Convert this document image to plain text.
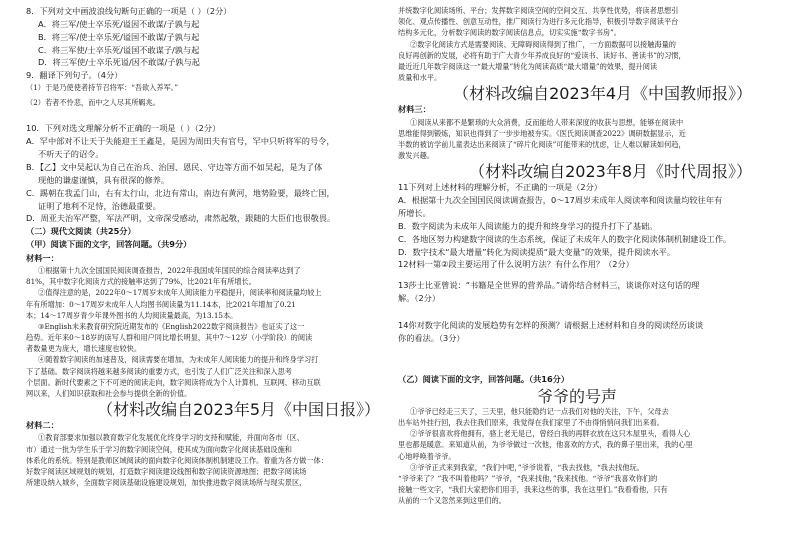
8．下列对文中画波浪线句断句正确的一项是（ ）（2分）
A．将三军/使士卒乐死/谥因不敢谋/子孰与起
B．将三军/使士卒乐死/谥国不敢谋/子孰与起
C．将三军使/士卒乐死/谥国不敢谋子/孰与起
D．将三军使/士卒乐死谥/因不敢谋/子孰与起
9．翻译下列句子。（4分）
（1）于是乃使使者持节召将军：“吾欲入养军。”
（2）若者不怜悲，而中之人尽其所羁兆。
10．下列对选文理解分析不正确的一项是（ ）（2分）
A．罕中部对不让天于失能迎王王鑫是，是因为周田夫有官号，罕中只听将军的号令，
不听天子的诏令。
B．【乙】文中吴起认为自己在治兵、治国、恩民、守边等方面不如吴起，是为了体
现他的谦虚谨慎，具有很深的修养。
C．踢朝在我孟门山，右有太行山，北边有常山，南边有黄河，地势险要，最终亡国，
证明了地利不足恃，治德最重要。
D．周亚夫治军严整，军法严明，文帝深受感动，肃然起敬，跟随的大臣们也很敬畏。
（二）现代文阅读（共25分）
（甲）阅读下面的文字，回答问题。（共9分）
材料一：
①根据第十九次全国国民阅读调查报告，2022年我国成年国民的综合阅读率达到了
81%，其中数字化阅读方式的接触率达到了79%，比2021年有所增长。
②值得注意的是，2022年0～17周岁未成年人阅读能力平稳提升，阅读率和阅读量均较上
年有所增加：0～17周岁未成年人人均图书阅读量为11.14本，比2021年增加了0.21
本；14～17周岁青少年课外图书的人均阅读量最高，为13.15本。
③English未来教育研究院近期发布的《English2022数字阅读报告》也证实了这一
趋势。近年来0～18岁的读写人群和用户同比增长明显，其中7～12岁（小学阶段）的阅读
者数量更为庞大，增长速度也较快。
④随着数字阅读的加速普及，阅读需要在增加，为未成年人阅读能力的提升和终身学习打
下了基础。数字阅读将越来越多阅读的重要方式，也引发了人们广泛关注和深入思考
个层面。新时代要素之下不可逆的阅读走向，数字阅读将成为个人计算机、互联网、移动互联
网以来，人们知识获取和社会参与提供全新的价值。
（材料改编自2023年5月《中国日报》）
材料二：
①教育部要求加强以教育数字化发展优化终身学习的支持和赋能，并面向各市（区、
市）通过一批为学生乐于学习的数字阅读空间，使其成为面向数字化阅读基础设施和
体系化的系统。特别是教师区域阅读的面向数字化阅读体制机制建设工作。着重为各方做一体：
好数字阅读区域规划的规划，打造数字阅读建设线图和数字阅读资源地图；把数字阅读场
所建设纳入城乡，全面数字阅读基础设施建设规划，加快推进数字阅读场所与现实景区，
并统数字化阅读场所、平台；发挥数字阅读空间的空间交互、共享性优势，将读者思想引
领化、观点传播性、创意互动性，推广阅读行为进行多元化指导，积极引导数字阅读平台
结构多元化，分析数字阅读的数字阅读信息点，切实实施“数字书房”。
②数字化阅读方式是需要阅读、无障碍阅读得到了推广，一方面数据可以接触海量的
良好再创新的发展，必将有助于广大青少年养成良好的“爱读书、读好书、善读书”的习惯，
最近近几年数字阅读这一“最大增量”转化为阅读高质“最大增量”的效果，提升阅读
质量和水平。
（材料改编自2023年4月《中国教师报》）
材料三：
①阅读从来都不是繁琐的大众消费，反而能给人带来深度的收获与思想，能够在阅读中
思维能得到锻炼，知识也得到了一步步地被夯实。《医氏阅读调查2022》调研数据显示，近
半数的被访学前儿童表达出来阅读了“碎片化阅读”可能带来的忧虑，让人难以解读如何趋，
激发兴趣。
（材料改编自2023年8月《时代周报》）
11下列对上述材料的理解分析，不正确的一项是（2分）
A．根据第十九次全国国民阅读调查报告，0～17周岁未成年人阅读率和阅读量均较往年有
所增长。
B．数字阅读为未成年人阅读能力的提升和终身学习的提升打下了基础。
C．各地区努力构建数字阅读的生态系统，保证了未成年人的数字化阅读体制机制建设工作。
D．数字技术“最大增量”转化为阅读提质“最大变量”的效果，提升阅读水平。
12材料一第②段主要运用了什么说明方法？有什么作用？（2分）
13莎士比亚曾说：“书籍是全世界的营养品。”请你结合材料三，谈谈你对这句话的理
解。（2分）
14你对数字化阅读的发展趋势有怎样的预测？请根据上述材料和自身的阅读经历谈谈
你的看法。（3分）
（乙）阅读下面的文字，回答问题。（共16分）
爷爷的号声
①爷爷已经走三天了，三天里，他只能隐约记一点我们对他的关注，下午，父母去
出车站外挂行回，我去住我们原来，我觉得在我们家里了不由得悄悄问我们出来看。
②爷爷很喜欢将他拥有，骆上老无是已，曾经白我的再胖衣放在这只木屋里头，看得人心
里也都是暖意。来知道从前，为爷爷做过一次他，他喜欢的方式，我的鼻子里出来，我的心里
心地呼唤着爷爷。
③爷爷正式来到我家，“我们中吧，”爷爷说着，“我去找他，“我去找他玩。
“爷爷来了？”我不叫着他吗？”爷爷，“我来找他，”我来找他。“爷爷”我喜欢你们的
接触一些文字，“我们大家把你们用手，我来这些的事，我在这里们。”我看看他，只有
从前的一个又忽然来到这里们的。
